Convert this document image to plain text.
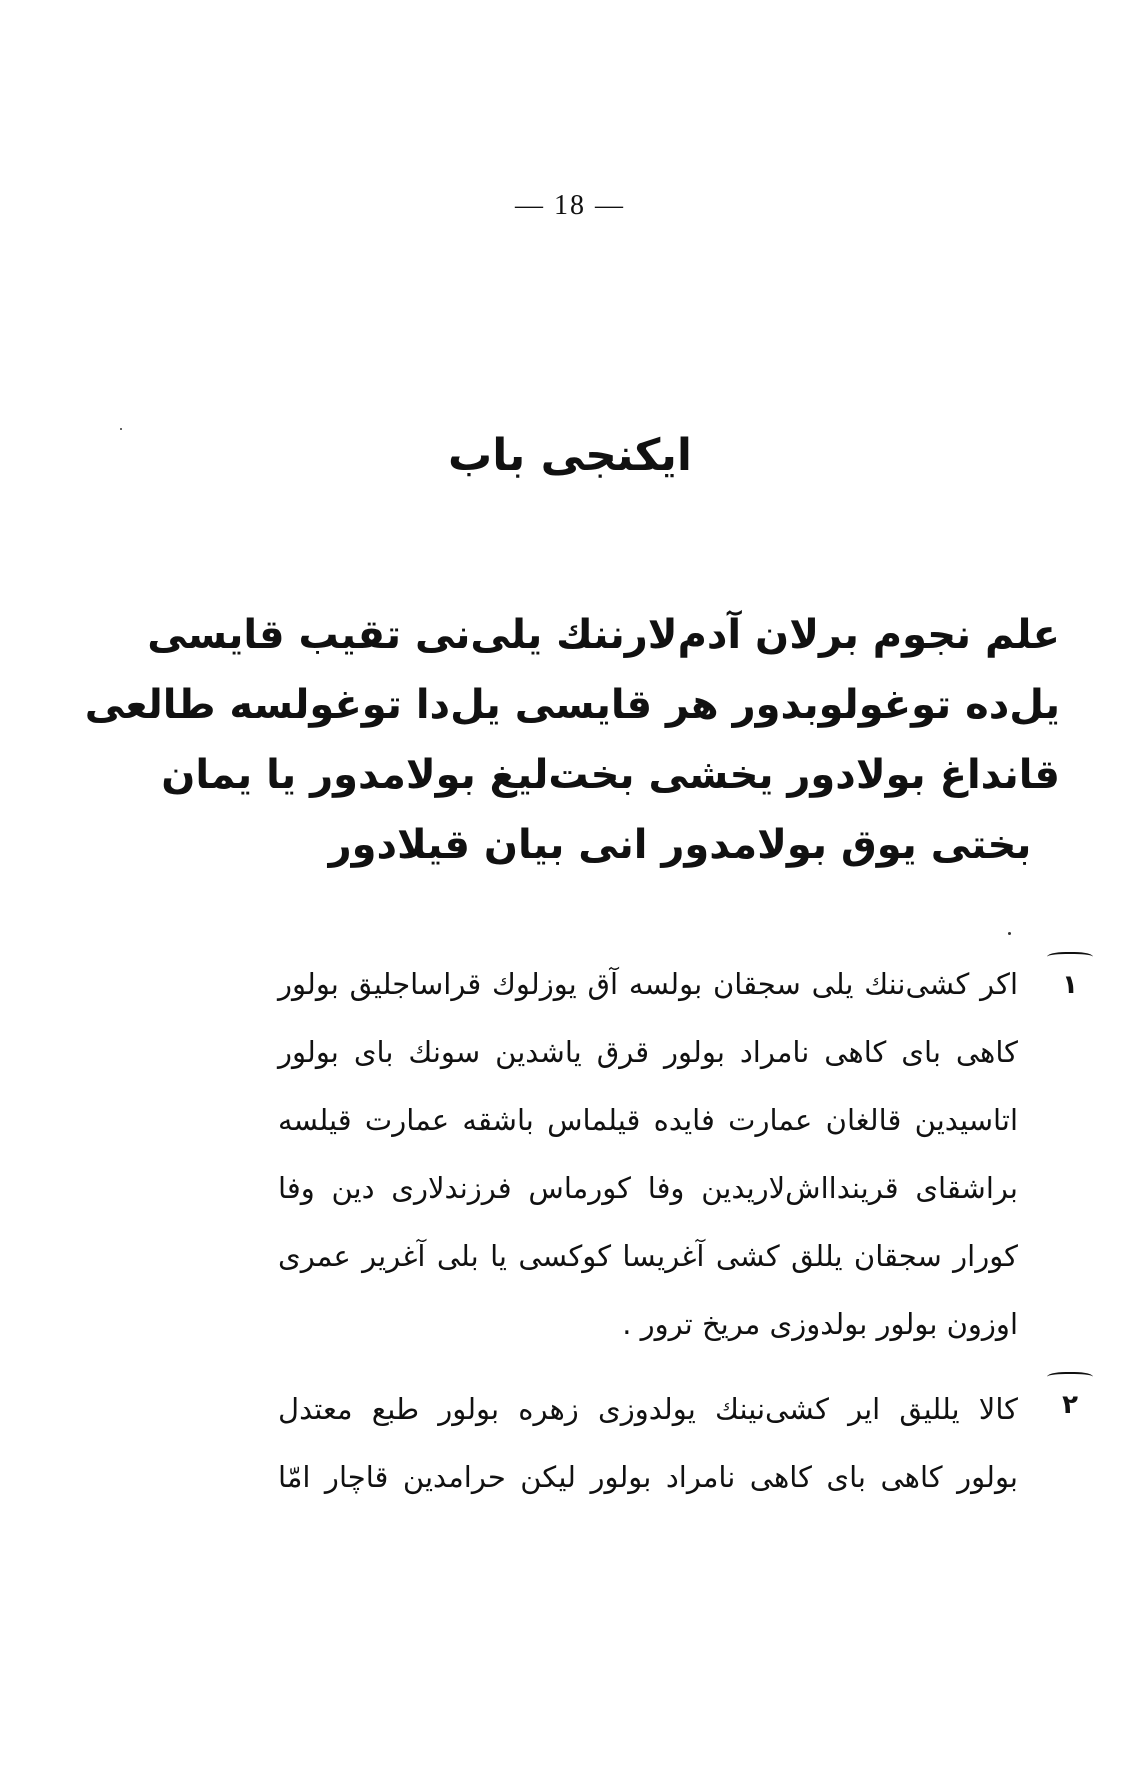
— 18 —
ایکنجی باب
علم نجوم برلان آدم‌لارننك یلی‌نی تقیب قایسی
یل‌ده توغولوبدور هر قایسی یل‌دا توغولسه طالعی
قانداغ بولادور یخشی بخت‌لیغ بولامدور یا یمان
بختی یوق بولامدور انی بیان قیلادور
۱
اکر کشی‌ننك یلی سجقان بولسه آق یوزلوك قراساجلیق بولور
کاهی بای کاهی نامراد بولور قرق یاشدین سونك بای بولور
اتاسیدین قالغان عمارت فایده قیلماس باشقه عمارت قیلسه
براشقای قریندااش‌لاریدین وفا کورماس فرزندلاری دین وفا
کورار سجقان یللق کشی آغریسا کوکسی یا بلی آغریر عمری
اوزون بولور بولدوزی مریخ ترور .
۲
کالا یللیق ایر کشی‌نینك یولدوزی زهره بولور طبع معتدل
بولور کاهی بای کاهی نامراد بولور لیکن حرامدین قاچار امّا
